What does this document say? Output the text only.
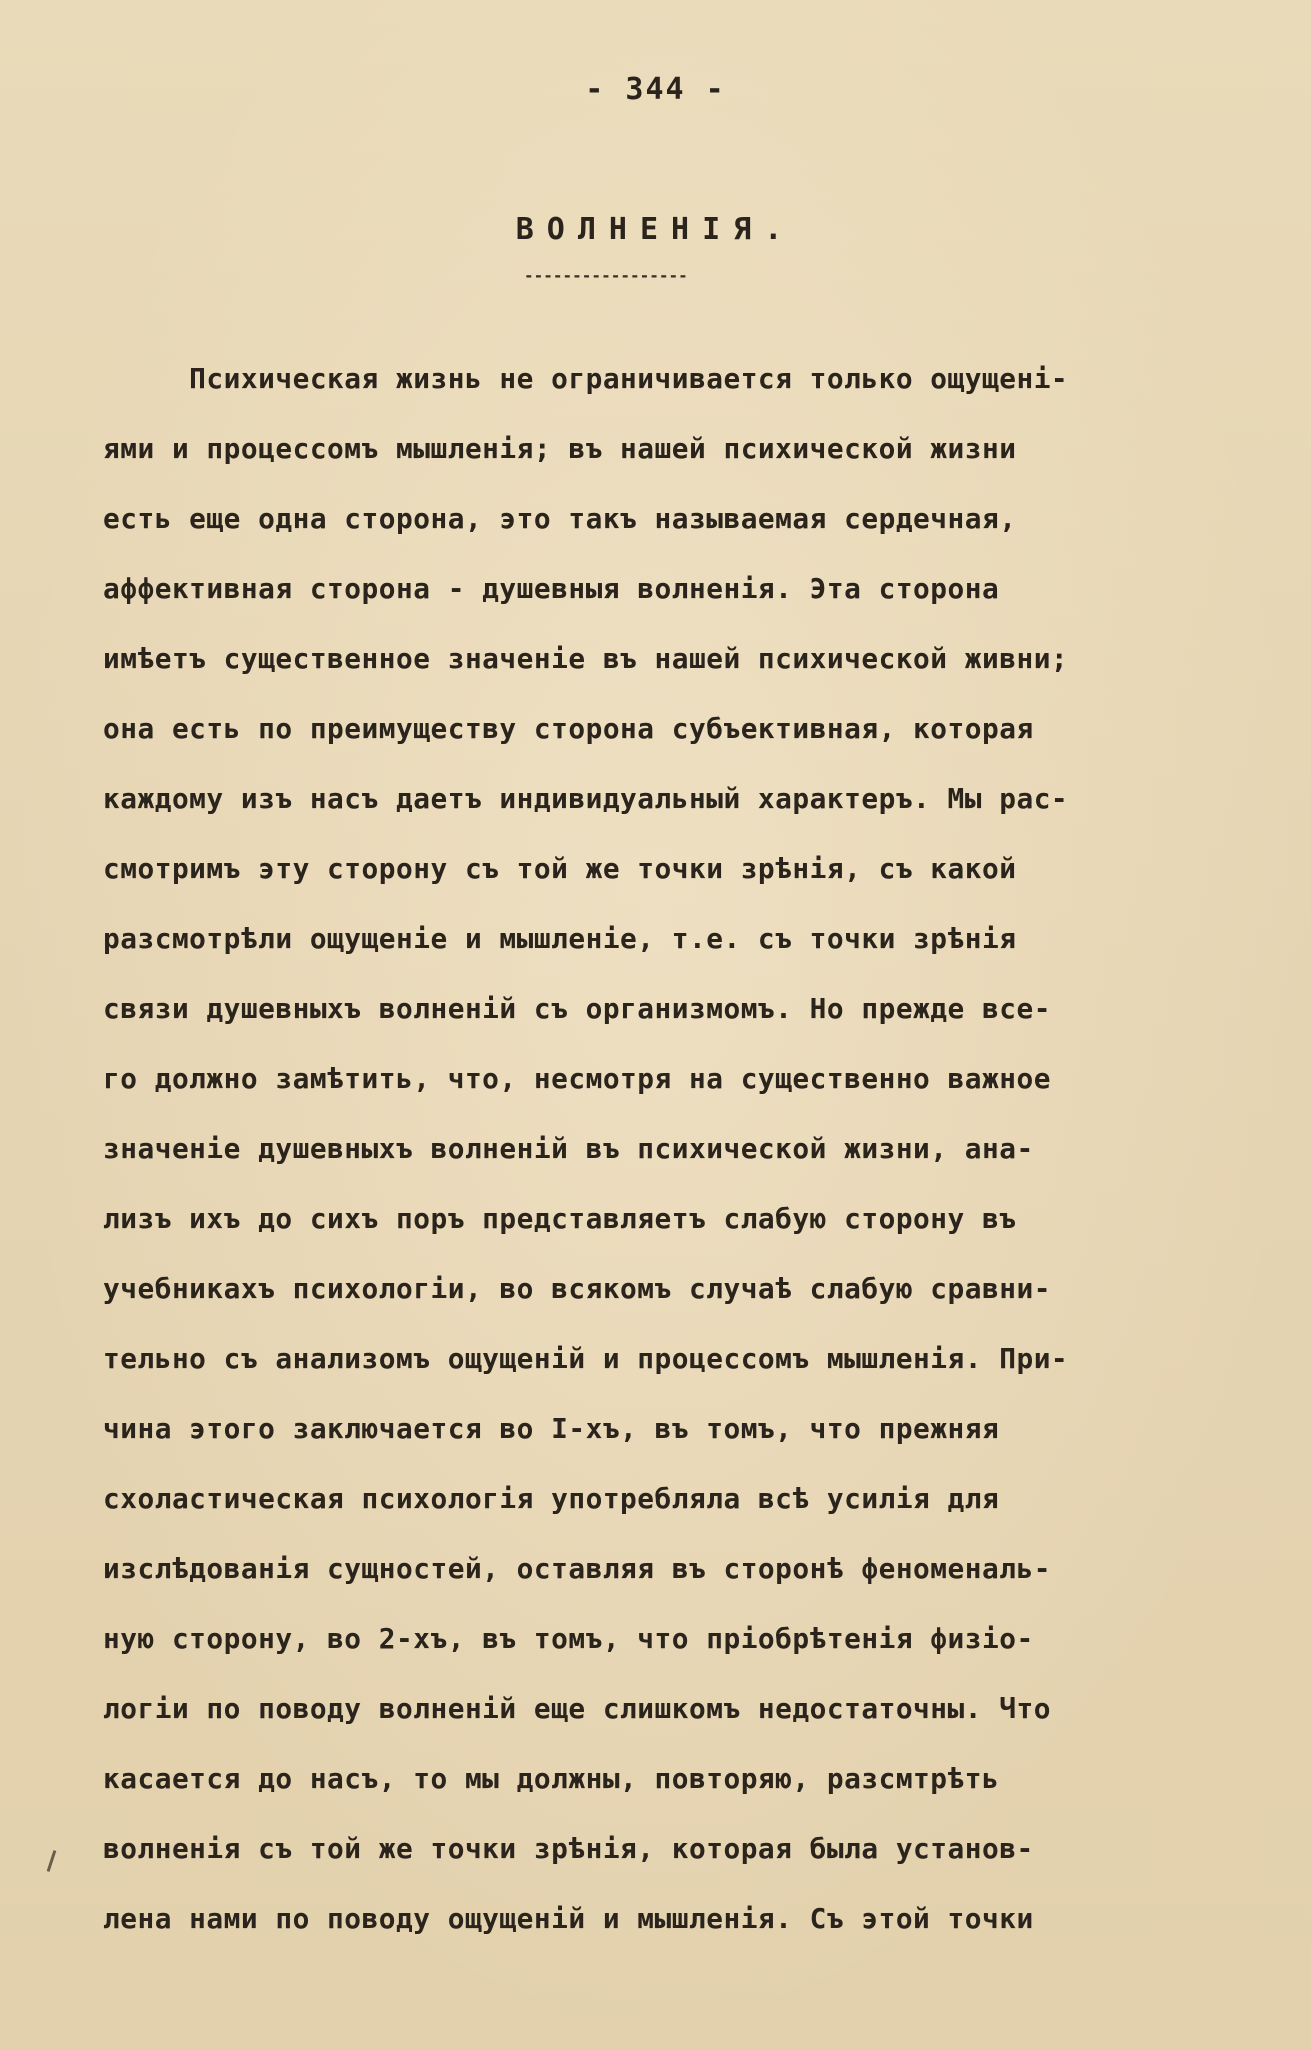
- 344 -
ВОЛНЕНІЯ.
-----------------
Психическая жизнь не ограничивается только ощущені-
ями и процессомъ мышленія; въ нашей психической жизни
есть еще одна сторона, это такъ называемая сердечная,
аффективная сторона - душевныя волненія. Эта сторона
имѣетъ существенное значеніе въ нашей психической живни;
она есть по преимуществу сторона субъективная, которая
каждому изъ насъ даетъ индивидуальный характеръ. Мы рас-
смотримъ эту сторону съ той же точки зрѣнія, съ какой
разсмотрѣли ощущеніе и мышленіе, т.е. съ точки зрѣнія
связи душевныхъ волненій съ организмомъ. Но прежде все-
го должно замѣтить, что, несмотря на существенно важное
значеніе душевныхъ волненій въ психической жизни, ана-
лизъ ихъ до сихъ поръ представляетъ слабую сторону въ
учебникахъ психологіи, во всякомъ случаѣ слабую сравни-
тельно съ анализомъ ощущеній и процессомъ мышленія. При-
чина этого заключается во I-хъ, въ томъ, что прежняя
схоластическая психологія употребляла всѣ усилія для
изслѣдованія сущностей, оставляя въ сторонѣ феноменаль-
ную сторону, во 2-хъ, въ томъ, что пріобрѣтенія физіо-
логіи по поводу волненій еще слишкомъ недостаточны. Что
касается до насъ, то мы должны, повторяю, разсмтрѣть
волненія съ той же точки зрѣнія, которая была установ-
лена нами по поводу ощущеній и мышленія. Съ этой точки
